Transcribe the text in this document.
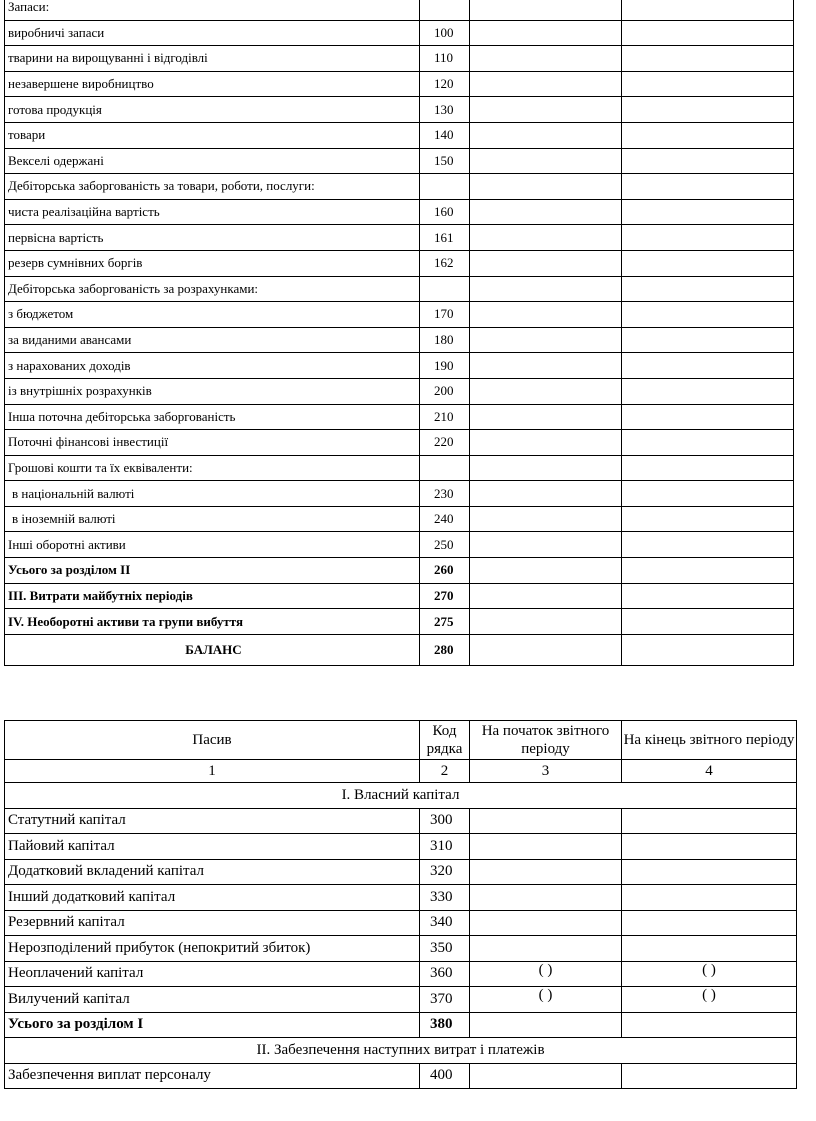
Запаси:			
виробничі запаси	100		
тварини на вирощуванні і відгодівлі	110		
незавершене виробництво	120		
готова продукція	130		
товари	140		
Векселі одержані	150		
Дебіторська заборгованість за товари, роботи, послуги:			
чиста реалізаційна вартість	160		
первісна вартість	161		
резерв сумнівних боргів	162		
Дебіторська заборгованість за розрахунками:			
з бюджетом	170		
за виданими авансами	180		
з нарахованих доходів	190		
із внутрішніх розрахунків	200		
Інша поточна дебіторська заборгованість	210		
Поточні фінансові інвестиції	220		
Грошові кошти та їх еквіваленти:			
в національній валюті	230		
в іноземній валюті	240		
Інші оборотні активи	250		
Усього за розділом II	260		
III. Витрати майбутніх періодів	270		
IV. Необоротні активи та групи вибуття	275		
БАЛАНС	280		
Пасив	Код рядка	На початок звітного періоду	На кінець звітного періоду
1	2	3	4
І. Власний капітал			
Статутний капітал	300		
Пайовий капітал	310		
Додатковий вкладений капітал	320		
Інший додатковий капітал	330		
Резервний капітал	340		
Нерозподілений прибуток (непокритий збиток)	350		
Неоплачений капітал	360	( )	( )
Вилучений капітал	370	( )	( )
Усього за розділом I	380		
II. Забезпечення наступних витрат і платежів			
Забезпечення виплат персоналу	400		
